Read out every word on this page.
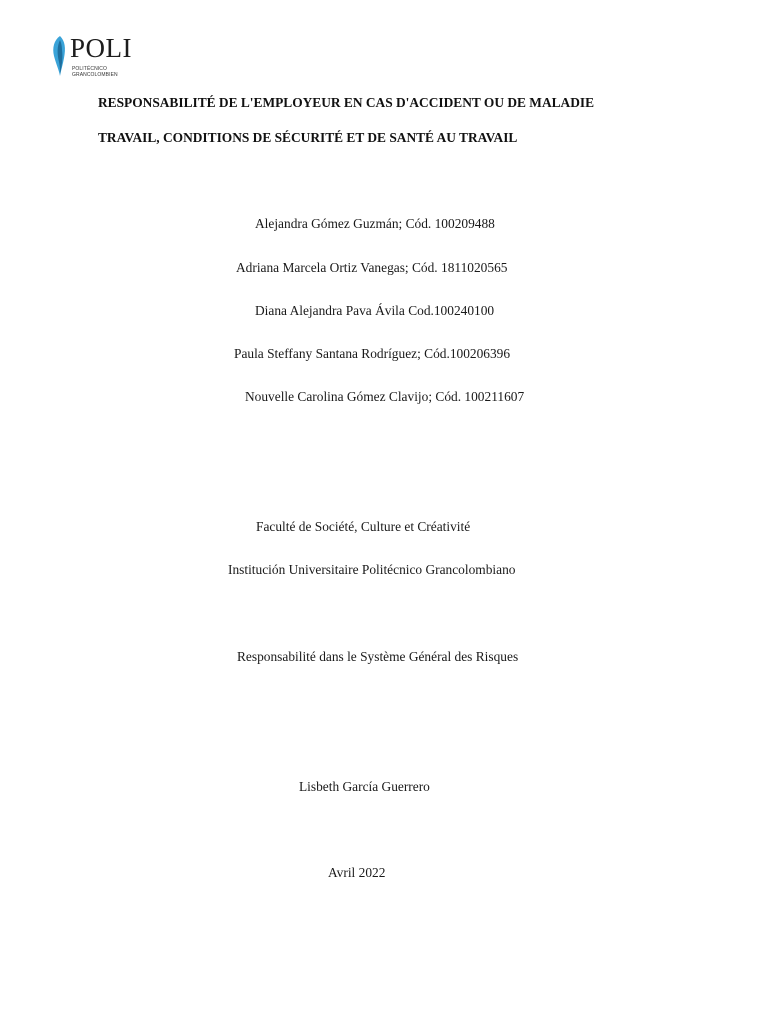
POLI
POLITÉCNICO
GRANCOLOMBIEN
RESPONSABILITÉ DE L'EMPLOYEUR EN CAS D'ACCIDENT OU DE MALADIE
TRAVAIL, CONDITIONS DE SÉCURITÉ ET DE SANTÉ AU TRAVAIL
Alejandra Gómez Guzmán; Cód. 100209488
Adriana Marcela Ortiz Vanegas; Cód. 1811020565
Diana Alejandra Pava Ávila Cod.100240100
Paula Steffany Santana Rodríguez; Cód.100206396
Nouvelle Carolina Gómez Clavijo; Cód. 100211607
Faculté de Société, Culture et Créativité
Institución Universitaire Politécnico Grancolombiano
Responsabilité dans le Système Général des Risques
Lisbeth García Guerrero
Avril 2022
